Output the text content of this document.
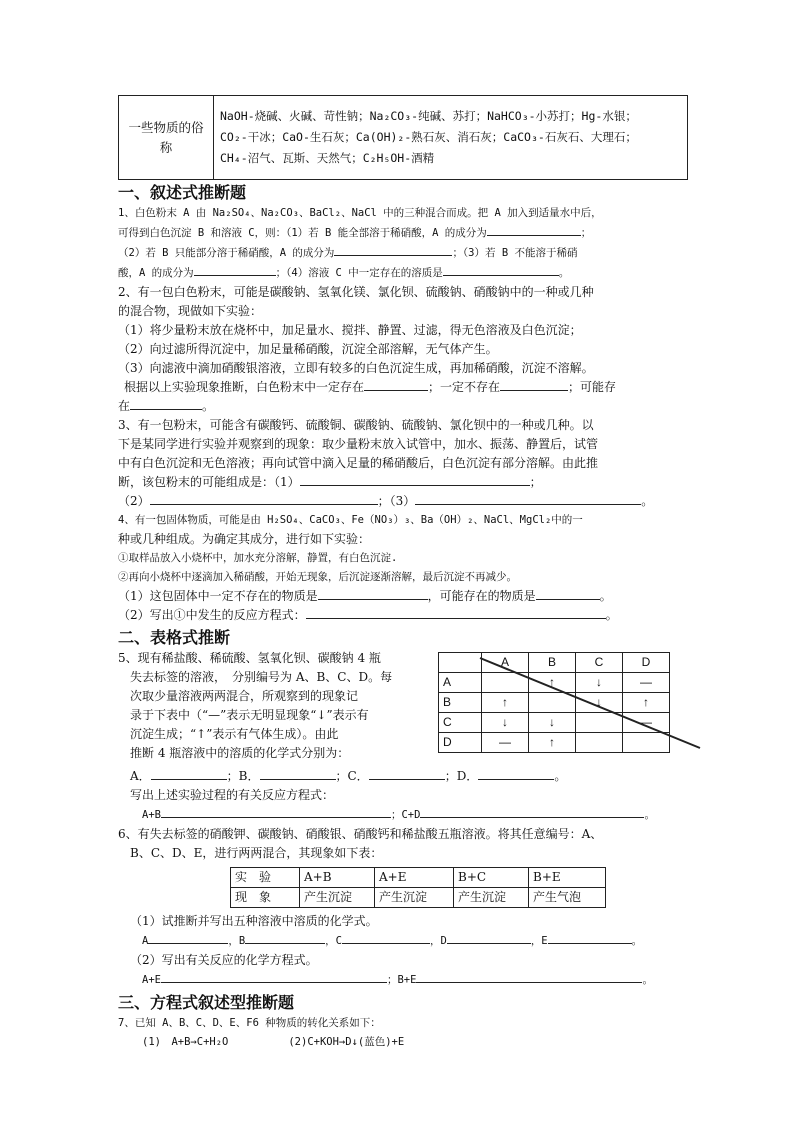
一些物质的俗称	
NaOH-烧碱、火碱、苛性钠；Na₂CO₃-纯碱、苏打；NaHCO₃-小苏打；Hg-水银；
CO₂-干冰；CaO-生石灰；Ca(OH)₂-熟石灰、消石灰；CaCO₃-石灰石、大理石；
CH₄-沼气、瓦斯、天然气；C₂H₅OH-酒精
一、叙述式推断题

1、白色粉末 A 由 Na₂SO₄、Na₂CO₃、BaCl₂、NaCl 中的三种混合而成。把 A 加入到适量水中后，

可得到白色沉淀 B 和溶液 C，则：（1）若 B 能全部溶于稀硝酸，A 的成分为	；

（2）若 B 只能部分溶于稀硝酸，A 的成分为	；（3）若 B 不能溶于稀硝

酸，A 的成分为	；（4）溶液 C 中一定存在的溶质是	。

2、有一包白色粉末，可能是碳酸钠、氢氧化镁、氯化钡、硫酸钠、硝酸钠中的一种或几种

的混合物，现做如下实验：

（1）将少量粉末放在烧杯中，加足量水、搅拌、静置、过滤，得无色溶液及白色沉淀；

（2）向过滤所得沉淀中，加足量稀硝酸，沉淀全部溶解，无气体产生。

（3）向滤液中滴加硝酸银溶液，立即有较多的白色沉淀生成，再加稀硝酸，沉淀不溶解。

根据以上实验现象推断，白色粉末中一定存在	；一定不存在	；可能存

在	。

3、有一包粉末，可能含有碳酸钙、硫酸铜、碳酸钠、硫酸钠、氯化钡中的一种或几种。以

下是某同学进行实验并观察到的现象：取少量粉末放入试管中，加水、振荡、静置后，试管

中有白色沉淀和无色溶液；再向试管中滴入足量的稀硝酸后，白色沉淀有部分溶解。由此推

断，该包粉末的可能组成是：（1）	；

（2）	；（3）	。

4、有一包固体物质，可能是由 H₂SO₄、CaCO₃、Fe（NO₃）₃、Ba（OH）₂、NaCl、MgCl₂中的一

种或几种组成。为确定其成分，进行如下实验：

①取样品放入小烧杯中，加水充分溶解，静置，有白色沉淀.

②再向小烧杯中逐滴加入稀硝酸，开始无现象，后沉淀逐渐溶解，最后沉淀不再减少。

（1）这包固体中一定不存在的物质是	，可能存在的物质是	。

（2）写出①中发生的反应方程式：	。

二、表格式推断

5、现有稀盐酸、稀硫酸、氢氧化钡、碳酸钠 4 瓶

失去标签的溶液，　分别编号为 A、B、C、D。每

次取少量溶液两两混合，所观察到的现象记

录于下表中（“—”表示无明显现象“↓”表示有

沉淀生成；“↑”表示有气体生成）。由此

推断 4 瓶溶液中的溶质的化学式分别为：

	A	B	C	D
A		↑	↓	—
B	↑		↓	↑
C	↓	↓		—
D	—	↑		

A．	；B．	；C．	；D．	。

写出上述实验过程的有关反应方程式：

A+B	；C+D	。

6、有失去标签的硝酸钾、碳酸钠、硝酸银、硝酸钙和稀盐酸五瓶溶液。将其任意编号：A、

B、C、D、E，进行两两混合，其现象如下表：

实　验	A+B	A+E	B+C	B+E
现　象	产生沉淀	产生沉淀	产生沉淀	产生气泡

（1）试推断并写出五种溶液中溶质的化学式。

A	，B	，C	，D	，E	。

（2）写出有关反应的化学方程式。

A+E	；B+E	。

三、方程式叙述型推断题

7、已知 A、B、C、D、E、F6 种物质的转化关系如下：

(1)　A+B→C+H₂O	(2)C+KOH→D↓(蓝色)+E
